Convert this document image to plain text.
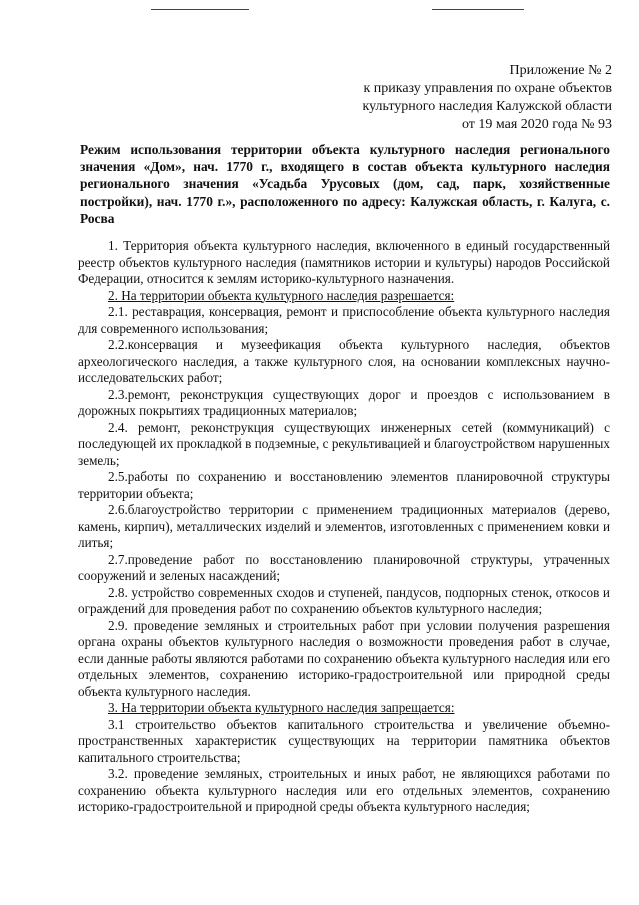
Приложение № 2
к приказу управления по охране объектов
культурного наследия Калужской области
от 19 мая 2020 года № 93
Режим использования территории объекта культурного наследия регионального значения «Дом», нач. 1770 г., входящего в состав объекта культурного наследия регионального значения «Усадьба Урусовых (дом, сад, парк, хозяйственные постройки), нач. 1770 г.», расположенного по адресу: Калужская область, г. Калуга, с. Росва

1. Территория объекта культурного наследия, включенного в единый государственный реестр объектов культурного наследия (памятников истории и культуры) народов Российской Федерации, относится к землям историко-культурного назначения.

2. На территории объекта культурного наследия разрешается:

2.1. реставрация, консервация, ремонт и приспособление объекта культурного наследия для современного использования;

2.2.консервация и музеефикация объекта культурного наследия, объектов археологического наследия, а также культурного слоя, на основании комплексных научно-исследовательских работ;

2.3.ремонт, реконструкция существующих дорог и проездов с использованием в дорожных покрытиях традиционных материалов;

2.4. ремонт, реконструкция существующих инженерных сетей (коммуникаций) с последующей их прокладкой в подземные, с рекультивацией и благоустройством нарушенных земель;

2.5.работы по сохранению и восстановлению элементов планировочной структуры территории объекта;

2.6.благоустройство территории с применением традиционных материалов (дерево, камень, кирпич), металлических изделий и элементов, изготовленных с применением ковки и литья;

2.7.проведение работ по восстановлению планировочной структуры, утраченных сооружений и зеленых насаждений;

2.8. устройство современных сходов и ступеней, пандусов, подпорных стенок, откосов и ограждений для проведения работ по сохранению объектов культурного наследия;

2.9. проведение земляных и строительных работ при условии получения разрешения органа охраны объектов культурного наследия о возможности проведения работ в случае, если данные работы являются работами по сохранению объекта культурного наследия или его отдельных элементов, сохранению историко-градостроительной или природной среды объекта культурного наследия.

3. На территории объекта культурного наследия запрещается:

3.1 строительство объектов капитального строительства и увеличение объемно-пространственных характеристик существующих на территории памятника объектов капитального строительства;

3.2. проведение земляных, строительных и иных работ, не являющихся работами по сохранению объекта культурного наследия или его отдельных элементов, сохранению историко-градостроительной и природной среды объекта культурного наследия;
